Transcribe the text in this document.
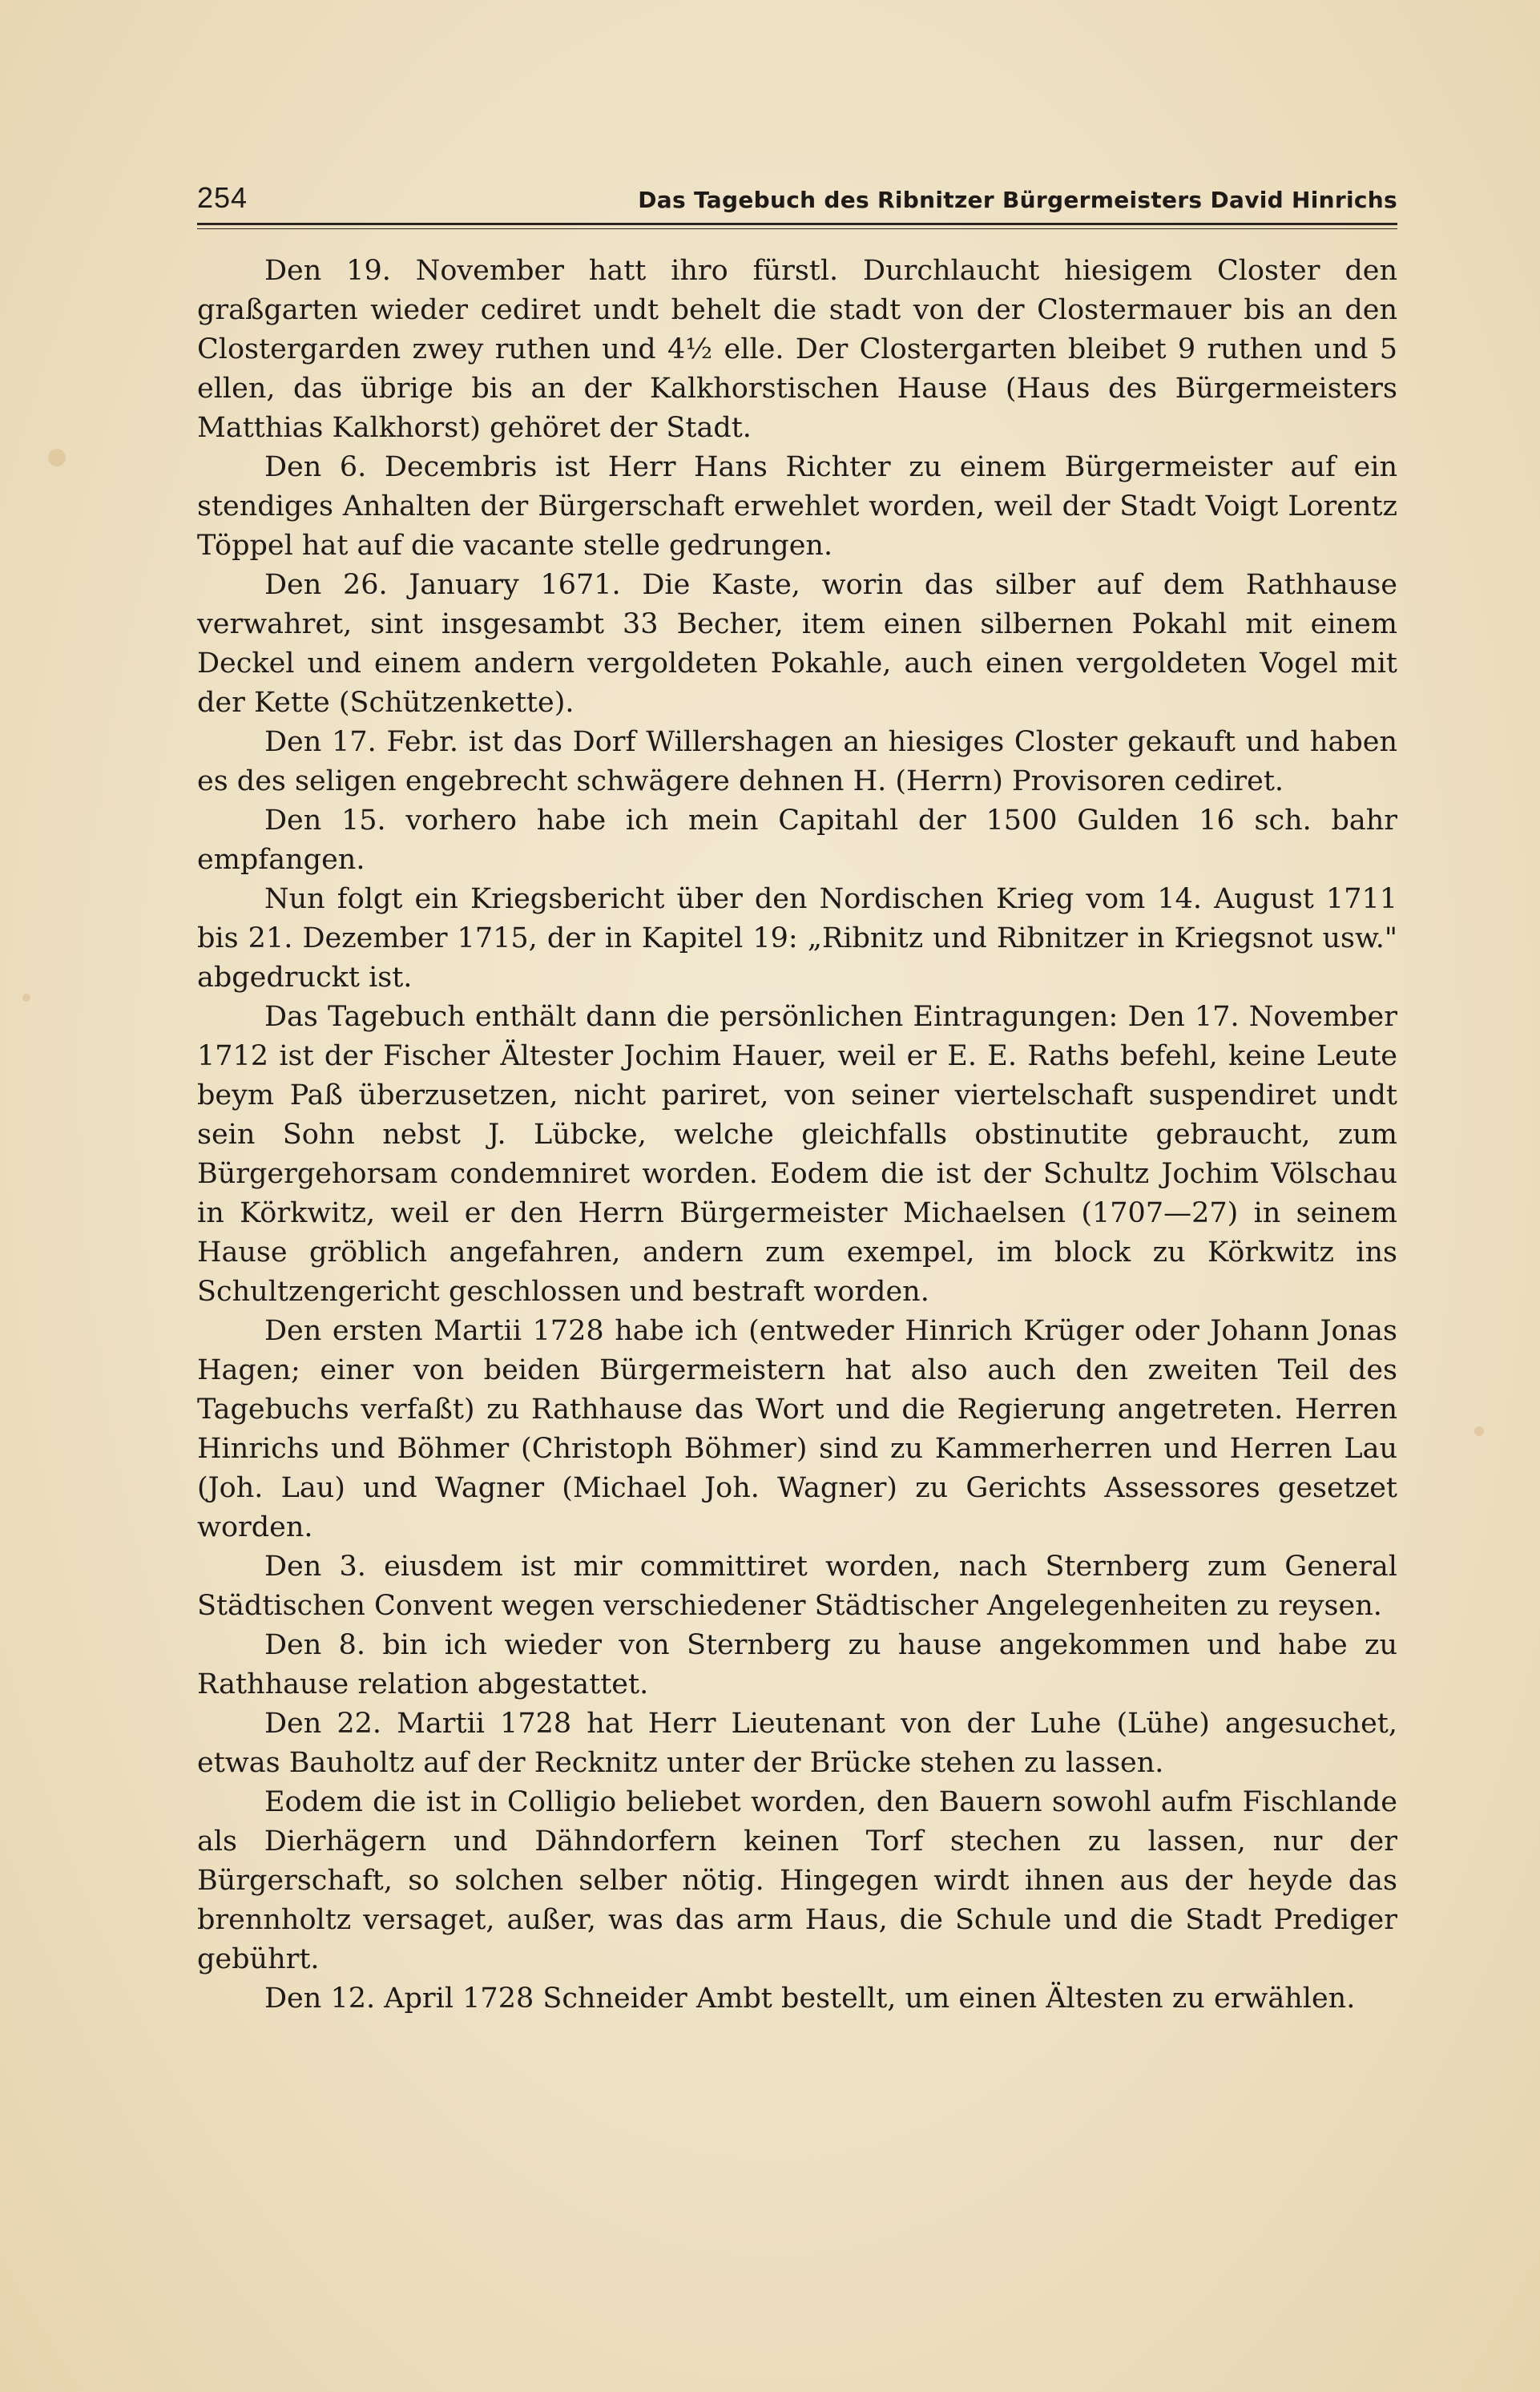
254	Das Tagebuch des Ribnitzer Bürgermeisters David Hinrichs

Den 19. November hatt ihro fürstl. Durchlaucht hiesigem Closter den graßgarten wieder cediret undt behelt die stadt von der Clostermauer bis an den Clostergarden zwey ruthen und 4½ elle. Der Clostergarten bleibet 9 ruthen und 5 ellen, das übrige bis an der Kalkhorstischen Hause (Haus des Bürgermeisters Matthias Kalkhorst) gehöret der Stadt.

Den 6. Decembris ist Herr Hans Richter zu einem Bürgermeister auf ein stendiges Anhalten der Bürgerschaft erwehlet worden, weil der Stadt Voigt Lorentz Töppel hat auf die vacante stelle gedrungen.

Den 26. January 1671. Die Kaste, worin das silber auf dem Rathhause verwahret, sint insgesambt 33 Becher, item einen silbernen Pokahl mit einem Deckel und einem andern vergoldeten Pokahle, auch einen vergoldeten Vogel mit der Kette (Schützenkette).

Den 17. Febr. ist das Dorf Willershagen an hiesiges Closter gekauft und haben es des seligen engebrecht schwägere dehnen H. (Herrn) Provisoren cediret.

Den 15. vorhero habe ich mein Capitahl der 1500 Gulden 16 sch. bahr empfangen.

Nun folgt ein Kriegsbericht über den Nordischen Krieg vom 14. August 1711 bis 21. Dezember 1715, der in Kapitel 19: „Ribnitz und Ribnitzer in Kriegsnot usw." abgedruckt ist.

Das Tagebuch enthält dann die persönlichen Eintragungen: Den 17. November 1712 ist der Fischer Ältester Jochim Hauer, weil er E. E. Raths befehl, keine Leute beym Paß überzusetzen, nicht pariret, von seiner viertelschaft suspendiret undt sein Sohn nebst J. Lübcke, welche gleichfalls obstinutite gebraucht, zum Bürgergehorsam condemniret worden. Eodem die ist der Schultz Jochim Völschau in Körkwitz, weil er den Herrn Bürgermeister Michaelsen (1707—27) in seinem Hause gröblich angefahren, andern zum exempel, im block zu Körkwitz ins Schultzengericht geschlossen und bestraft worden.

Den ersten Martii 1728 habe ich (entweder Hinrich Krüger oder Johann Jonas Hagen; einer von beiden Bürgermeistern hat also auch den zweiten Teil des Tagebuchs verfaßt) zu Rathhause das Wort und die Regierung angetreten. Herren Hinrichs und Böhmer (Christoph Böhmer) sind zu Kammerherren und Herren Lau (Joh. Lau) und Wagner (Michael Joh. Wagner) zu Gerichts Assessores gesetzet worden.

Den 3. eiusdem ist mir committiret worden, nach Sternberg zum General Städtischen Convent wegen verschiedener Städtischer Angelegenheiten zu reysen.

Den 8. bin ich wieder von Sternberg zu hause angekommen und habe zu Rathhause relation abgestattet.

Den 22. Martii 1728 hat Herr Lieutenant von der Luhe (Lühe) angesuchet, etwas Bauholtz auf der Recknitz unter der Brücke stehen zu lassen.

Eodem die ist in Colligio beliebet worden, den Bauern sowohl aufm Fischlande als Dierhägern und Dähndorfern keinen Torf stechen zu lassen, nur der Bürgerschaft, so solchen selber nötig. Hingegen wirdt ihnen aus der heyde das brennholtz versaget, außer, was das arm Haus, die Schule und die Stadt Prediger gebührt.

Den 12. April 1728 Schneider Ambt bestellt, um einen Ältesten zu erwählen.
